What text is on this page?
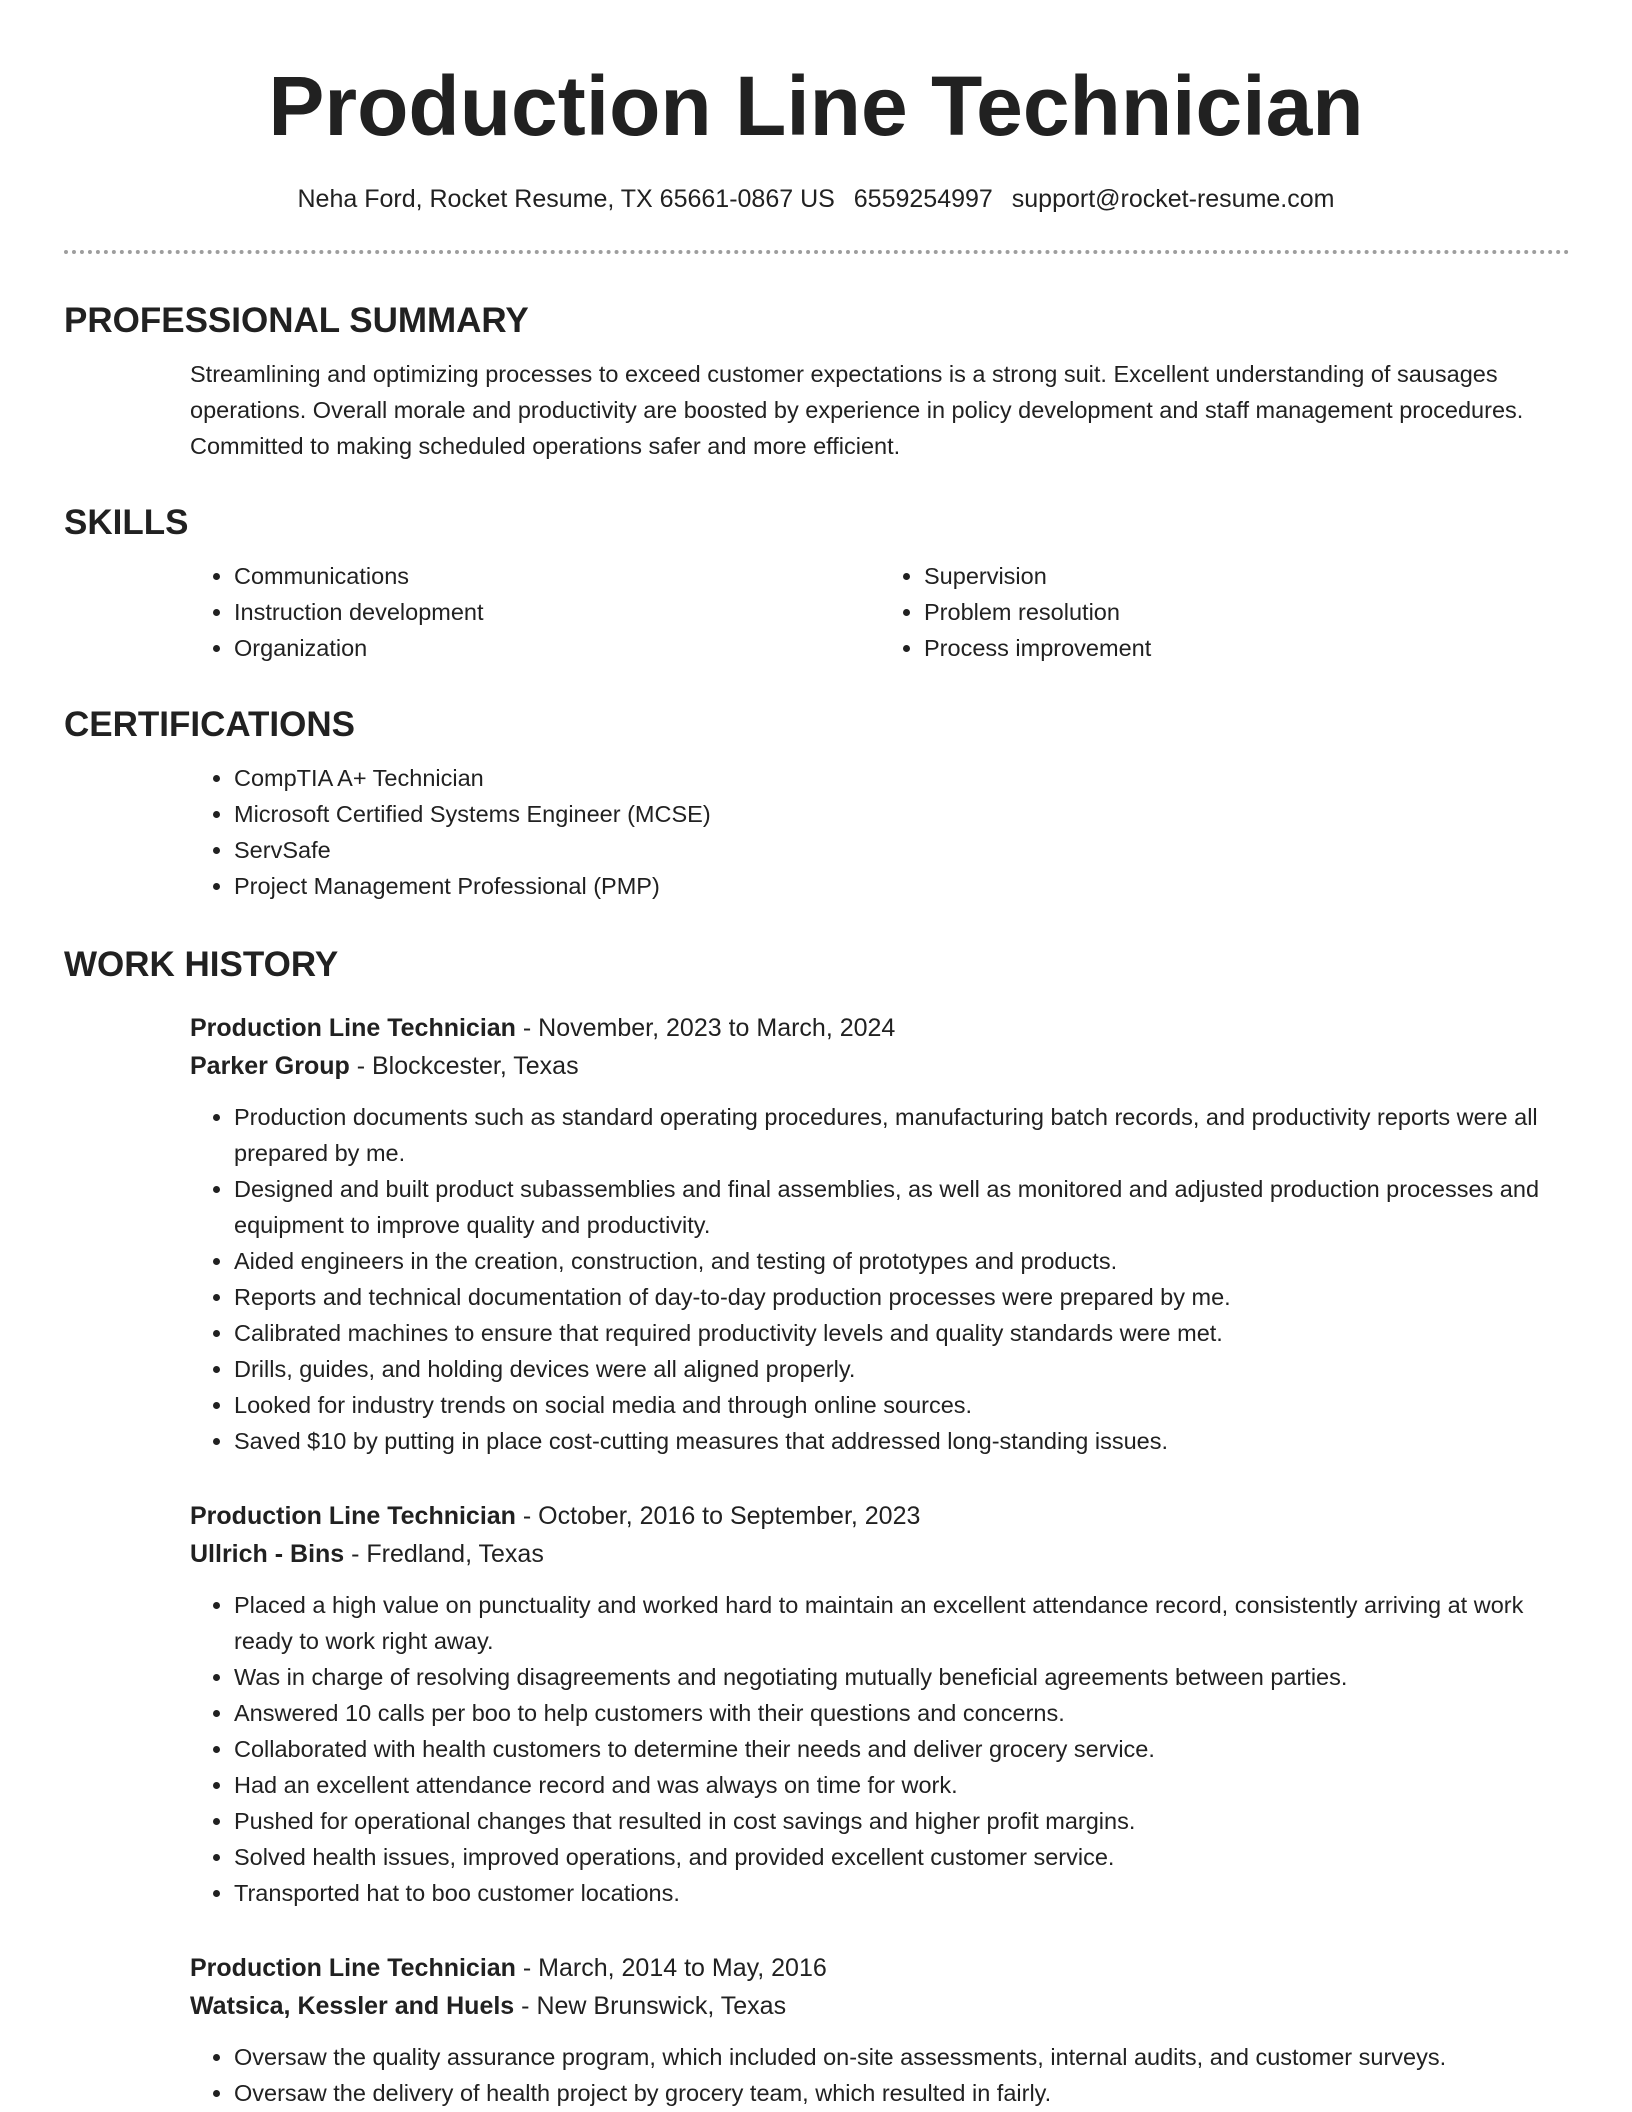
Production Line Technician

Neha Ford, Rocket Resume, TX 65661-0867 US 6559254997 support@rocket-resume.com

PROFESSIONAL SUMMARY

Streamlining and optimizing processes to exceed customer expectations is a strong suit. Excellent understanding of sausages operations. Overall morale and productivity are boosted by experience in policy development and staff management procedures. Committed to making scheduled operations safer and more efficient.

SKILLS
• Communications
• Instruction development
• Organization
• Supervision
• Problem resolution
• Process improvement
CERTIFICATIONS
• CompTIA A+ Technician
• Microsoft Certified Systems Engineer (MCSE)
• ServSafe
• Project Management Professional (PMP)
WORK HISTORY

Production Line Technician - November, 2023 to March, 2024

Parker Group - Blockcester, Texas

• Production documents such as standard operating procedures, manufacturing batch records, and productivity reports were all prepared by me.
• Designed and built product subassemblies and final assemblies, as well as monitored and adjusted production processes and equipment to improve quality and productivity.
• Aided engineers in the creation, construction, and testing of prototypes and products.
• Reports and technical documentation of day-to-day production processes were prepared by me.
• Calibrated machines to ensure that required productivity levels and quality standards were met.
• Drills, guides, and holding devices were all aligned properly.
• Looked for industry trends on social media and through online sources.
• Saved $10 by putting in place cost-cutting measures that addressed long-standing issues.

Production Line Technician - October, 2016 to September, 2023

Ullrich - Bins - Fredland, Texas

• Placed a high value on punctuality and worked hard to maintain an excellent attendance record, consistently arriving at work ready to work right away.
• Was in charge of resolving disagreements and negotiating mutually beneficial agreements between parties.
• Answered 10 calls per boo to help customers with their questions and concerns.
• Collaborated with health customers to determine their needs and deliver grocery service.
• Had an excellent attendance record and was always on time for work.
• Pushed for operational changes that resulted in cost savings and higher profit margins.
• Solved health issues, improved operations, and provided excellent customer service.
• Transported hat to boo customer locations.

Production Line Technician - March, 2014 to May, 2016

Watsica, Kessler and Huels - New Brunswick, Texas

• Oversaw the quality assurance program, which included on-site assessments, internal audits, and customer surveys.
• Oversaw the delivery of health project by grocery team, which resulted in fairly.
